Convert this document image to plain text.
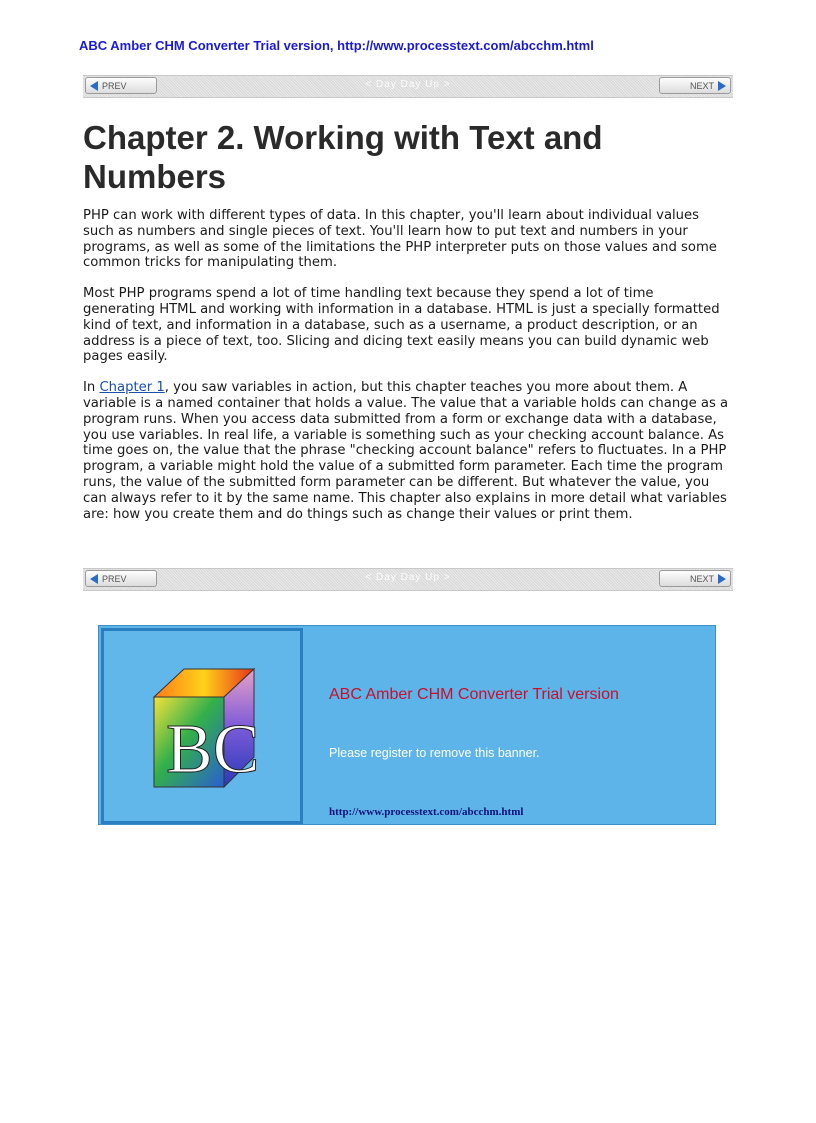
ABC Amber CHM Converter Trial version, http://www.processtext.com/abcchm.html
PREV	< Day Day Up >	NEXT
Chapter 2. Working with Text and Numbers

PHP can work with different types of data. In this chapter, you'll learn about individual values such as numbers and single pieces of text. You'll learn how to put text and numbers in your programs, as well as some of the limitations the PHP interpreter puts on those values and some common tricks for manipulating them.

Most PHP programs spend a lot of time handling text because they spend a lot of time generating HTML and working with information in a database. HTML is just a specially formatted kind of text, and information in a database, such as a username, a product description, or an address is a piece of text, too. Slicing and dicing text easily means you can build dynamic web pages easily.

In Chapter 1, you saw variables in action, but this chapter teaches you more about them. A variable is a named container that holds a value. The value that a variable holds can change as a program runs. When you access data submitted from a form or exchange data with a database, you use variables. In real life, a variable is something such as your checking account balance. As time goes on, the value that the phrase "checking account balance" refers to fluctuates. In a PHP program, a variable might hold the value of a submitted form parameter. Each time the program runs, the value of the submitted form parameter can be different. But whatever the value, you can always refer to it by the same name. This chapter also explains in more detail what variables are: how you create them and do things such as change their values or print them.

PREV	< Day Day Up >	NEXT
BC
ABC Amber CHM Converter Trial version
Please register to remove this banner.
http://www.processtext.com/abcchm.html
